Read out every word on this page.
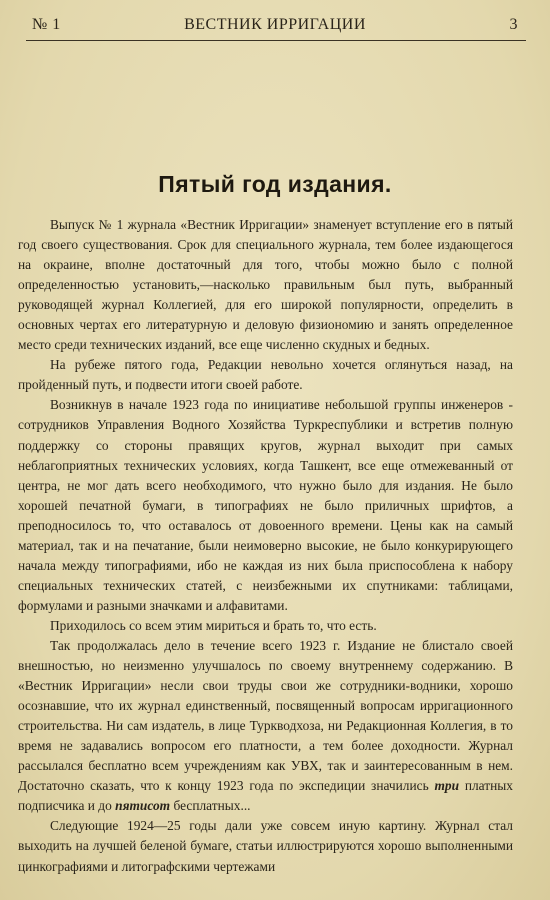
№ 1	ВЕСТНИК ИРРИГАЦИИ	3
Пятый год издания.

Выпуск № 1 журнала «Вестник Ирригации» знаменует вступление его в пятый год своего существования. Срок для специального журнала, тем более издающегося на окраине, вполне достаточный для того, чтобы можно было с полной определенностью установить,—насколько правильным был путь, выбранный руководящей журнал Коллегией, для его широкой популярности, определить в основных чертах его литературную и деловую физиономию и занять определенное место среди технических изданий, все еще численно скудных и бедных.

На рубеже пятого года, Редакции невольно хочется оглянуться назад, на пройденный путь, и подвести итоги своей работе.

Возникнув в начале 1923 года по инициативе небольшой группы инженеров - сотрудников Управления Водного Хозяйства Туркреспублики и встретив полную поддержку со стороны правящих кругов, журнал выходит при самых неблагоприятных технических условиях, когда Ташкент, все еще отмежеванный от центра, не мог дать всего необходимого, что нужно было для издания. Не было хорошей печатной бумаги, в типографиях не было приличных шрифтов, а преподносилось то, что оставалось от довоенного времени. Цены как на самый материал, так и на печатание, были неимоверно высокие, не было конкурирующего начала между типографиями, ибо не каждая из них была приспособлена к набору специальных технических статей, с неизбежными их спутниками: таблицами, формулами и разными значками и алфавитами.

Приходилось со всем этим мириться и брать то, что есть.

Так продолжалась дело в течение всего 1923 г. Издание не блистало своей внешностью, но неизменно улучшалось по своему внутреннему содержанию. В «Вестник Ирригации» несли свои труды свои же сотрудники-водники, хорошо осознавшие, что их журнал единственный, посвященный вопросам ирригационного строительства. Ни сам издатель, в лице Туркводхоза, ни Редакционная Коллегия, в то время не задавались вопросом его платности, а тем более доходности. Журнал рассылался бесплатно всем учреждениям как УВХ, так и заинтересованным в нем. Достаточно сказать, что к концу 1923 года по экспедиции значились три платных подписчика и до пятисот бесплатных...

Следующие 1924—25 годы дали уже совсем иную картину. Журнал стал выходить на лучшей беленой бумаге, статьи иллюстрируются хорошо выполненными цинкографиями и литографскими чертежами
